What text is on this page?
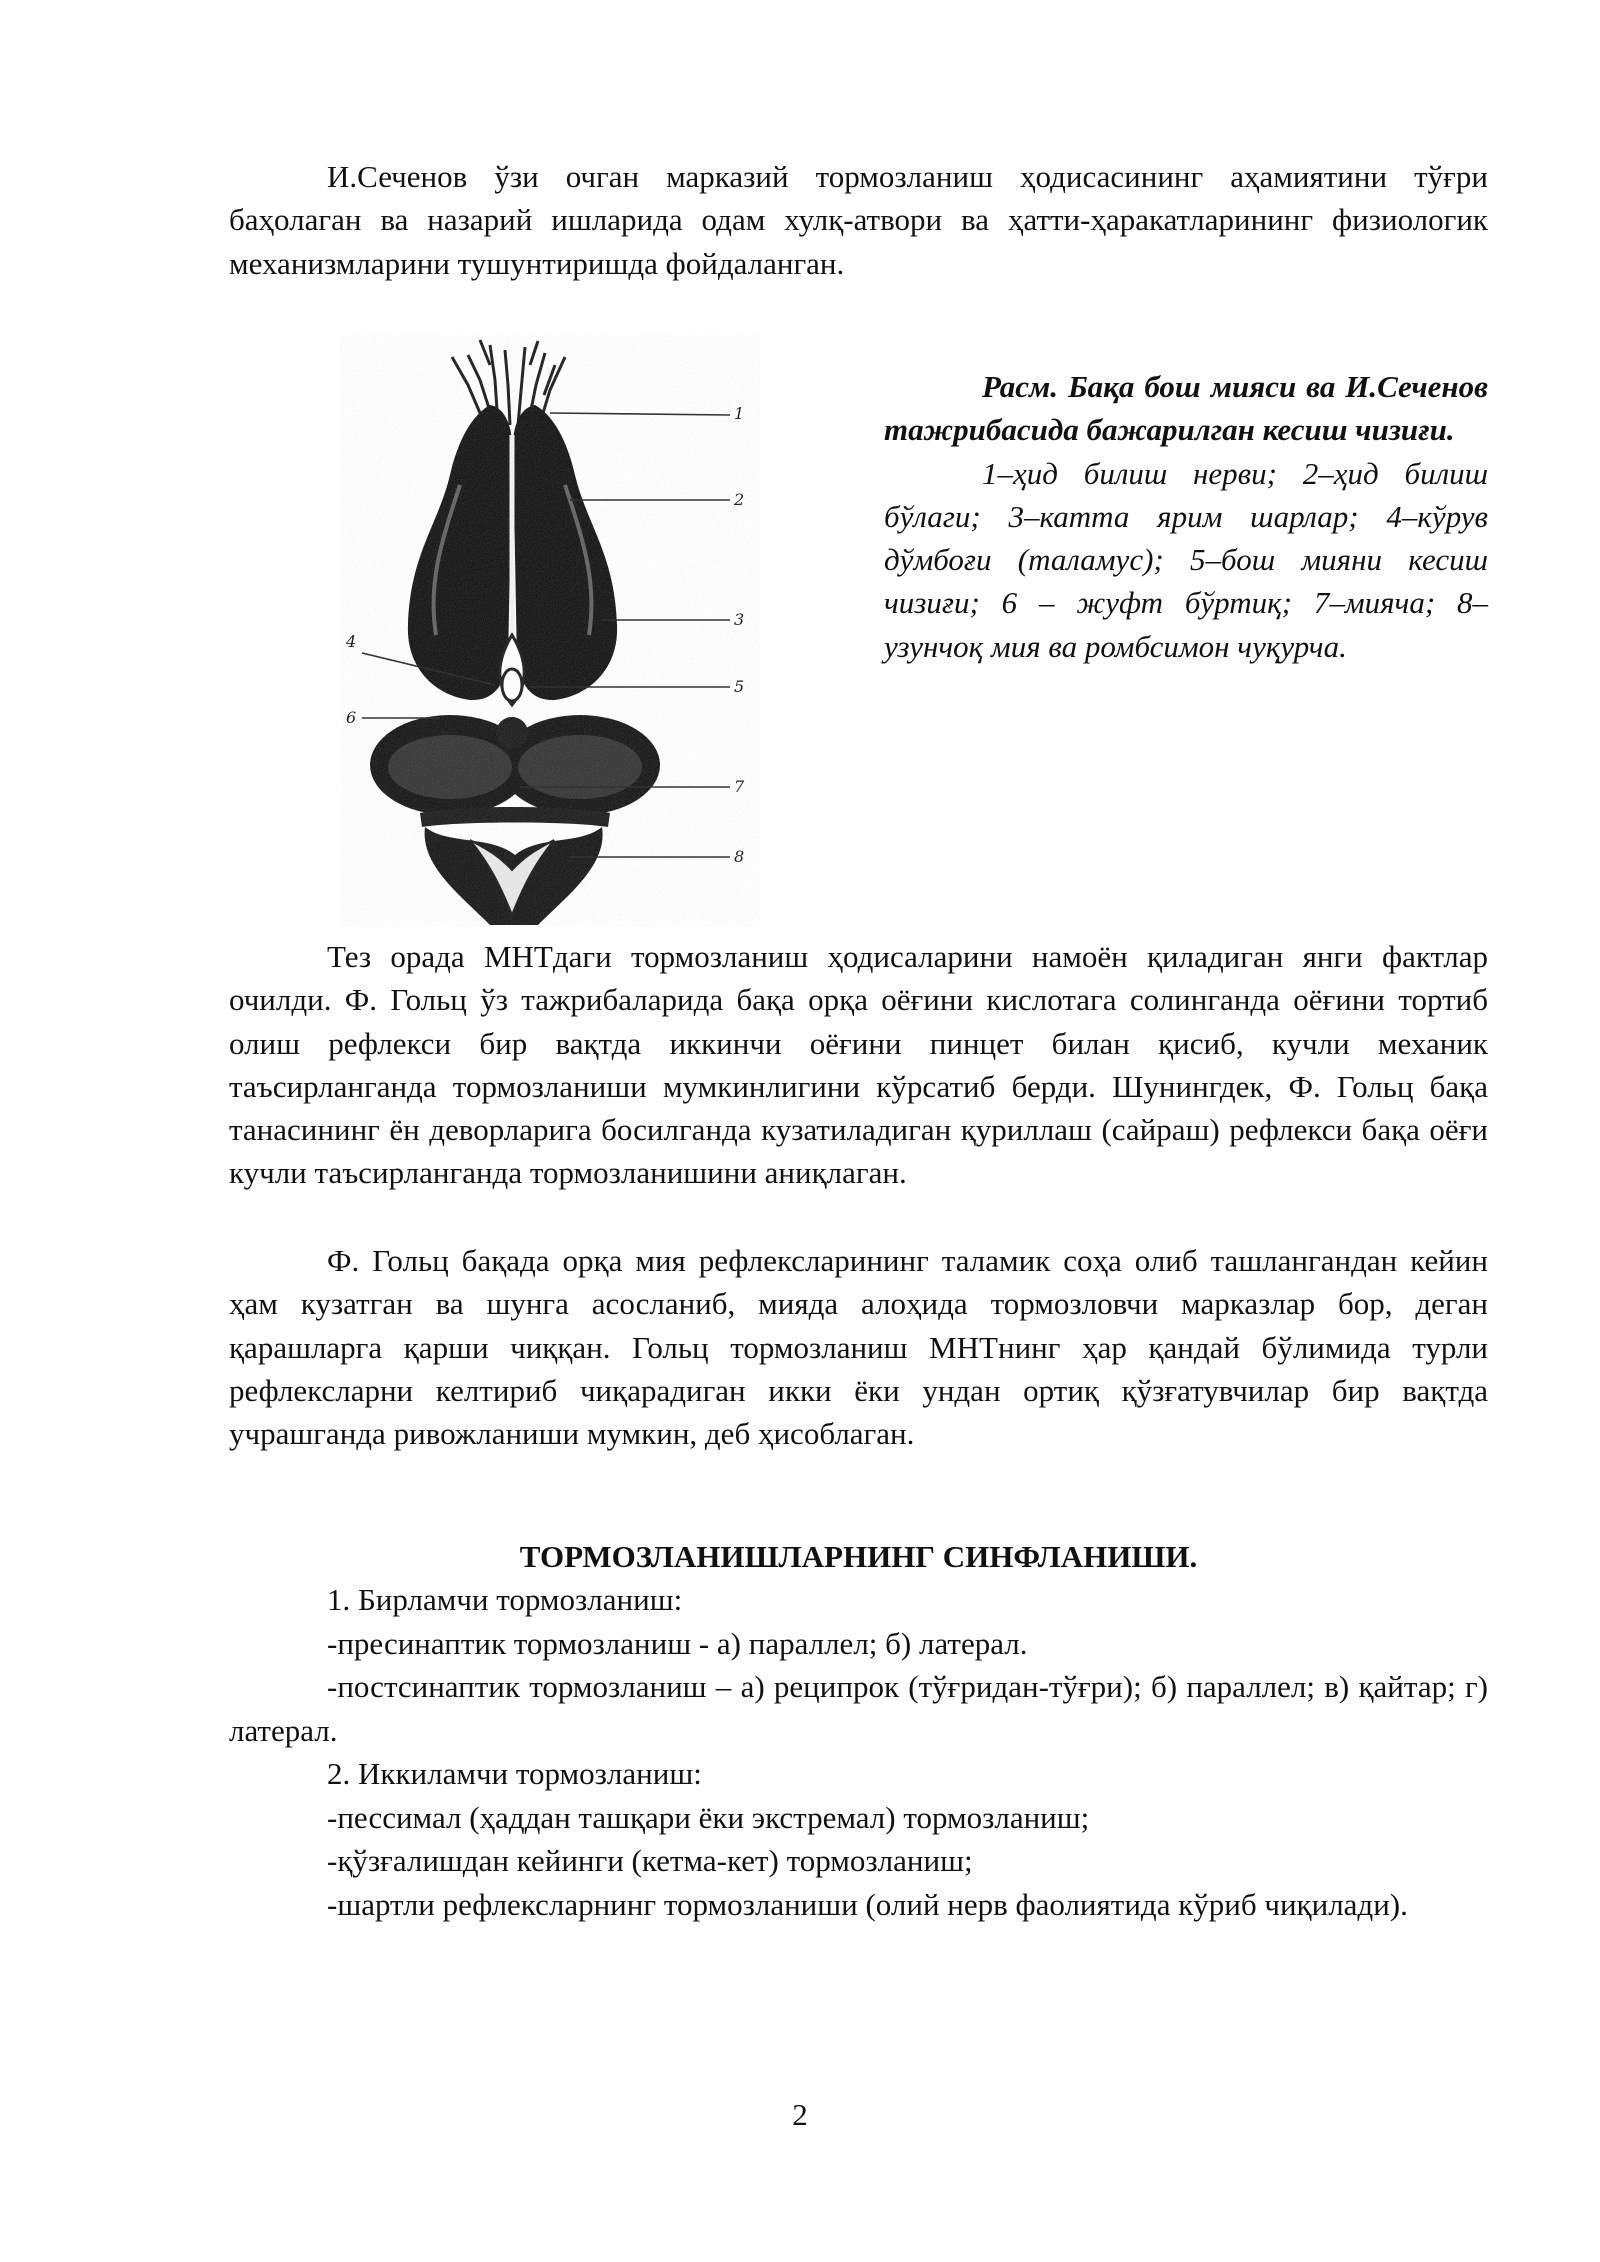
И.Сеченов ўзи очган марказий тормозланиш ҳодисасининг аҳамиятини тўғри баҳолаган ва назарий ишларида одам хулқ-атвори ва ҳатти-ҳаракатларининг физиологик механизмларини тушунтиришда фойдаланган.

1
2
3
4
5
6
7
8

Расм. Бақа бош мияси ва И.Сеченов тажрибасида бажарилган кесиш чизиғи.

1–ҳид билиш нерви; 2–ҳид билиш бўлаги; 3–катта ярим шарлар; 4–кўрув дўмбоғи (таламус); 5–бош мияни кесиш чизиғи; 6 – жуфт бўртиқ; 7–мияча; 8–узунчоқ мия ва ромбсимон чуқурча.

Тез орада МНТдаги тормозланиш ҳодисаларини намоён қиладиган янги фактлар очилди. Ф. Гольц ўз тажрибаларида бақа орқа оёғини кислотага солинганда оёғини тортиб олиш рефлекси бир вақтда иккинчи оёғини пинцет билан қисиб, кучли механик таъсирланганда тормозланиши мумкинлигини кўрсатиб берди. Шунингдек, Ф. Гольц бақа танасининг ён деворларига босилганда кузатиладиган қуриллаш (сайраш) рефлекси бақа оёғи кучли таъсирланганда тормозланишини аниқлаган.

Ф. Гольц бақада орқа мия рефлексларининг таламик соҳа олиб ташлангандан кейин ҳам кузатган ва шунга асосланиб, мияда алоҳида тормозловчи марказлар бор, деган қарашларга қарши чиққан. Гольц тормозланиш МНТнинг ҳар қандай бўлимида турли рефлексларни келтириб чиқарадиган икки ёки ундан ортиқ қўзғатувчилар бир вақтда учрашганда ривожланиши мумкин, деб ҳисоблаган.

ТОРМОЗЛАНИШЛАРНИНГ СИНФЛАНИШИ.

1. Бирламчи тормозланиш:

-пресинаптик тормозланиш - а) параллел; б) латерал.

-постсинаптик тормозланиш – а) реципрок (тўғридан-тўғри); б) параллел; в) қайтар; г) латерал.

2. Иккиламчи тормозланиш:

-пессимал (ҳаддан ташқари ёки экстремал) тормозланиш;

-қўзғалишдан кейинги (кетма-кет) тормозланиш;

-шартли рефлексларнинг тормозланиши (олий нерв фаолиятида кўриб чиқилади).

2
